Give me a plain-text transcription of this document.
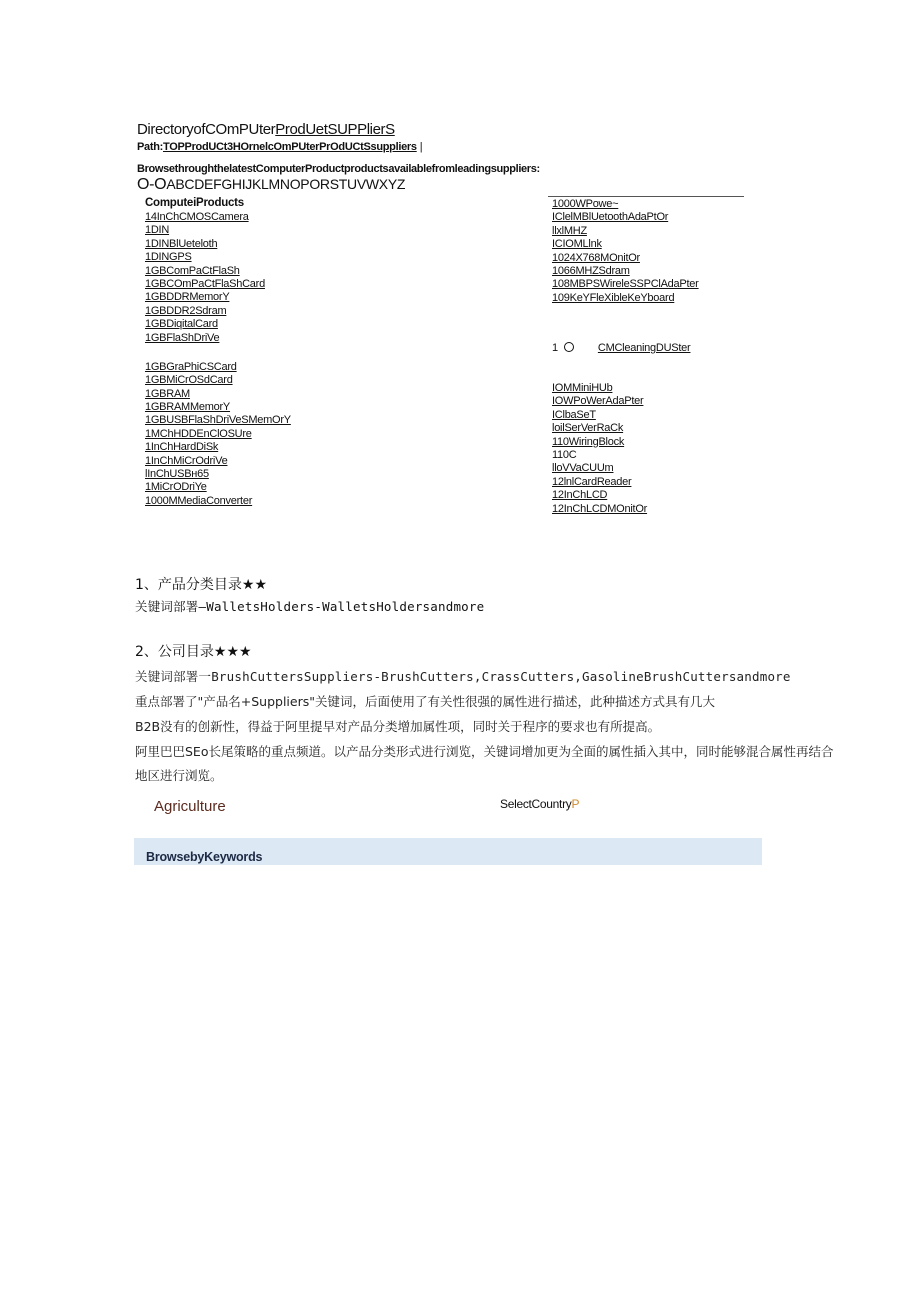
DirectoryofCOmPUterProdUetSUPPlierS
Path:TOPProdUCt3HOrnelcOmPUterPrOdUCtSsuppliers |
BrowsethroughthelatestComputerProductproductsavailablefromleadingsuppliers:
O-OABCDEFGHIJKLMNOPORSTUVWXYZ
ComputeiProducts
14InChCMOSCamera
1DIN
1DINBlUeteloth
1DINGPS
1GBComPaCtFlaSh
1GBCOmPaCtFlaShCard
1GBDDRMemorY
1GBDDR2Sdram
1GBDiqitalCard
1GBFlaShDriVe
1GBGraPhiCSCard
1GBMiCrOSdCard
1GBRAM
1GBRAMMemorY
1GBUSBFlaShDriVeSMemOrY
1MChHDDEnClOSUre
1InChHardDiSk
1InChMiCrOdriVe
lInChUSBн65
1MiCrODriYe
1000MMediaConverter
1000WPowe~
IClelMBlUetoothAdaPtOr
llxlMHZ
ICIOMLlnk
1024X768MOnitOr
1066MHZSdram
108MBPSWireleSSPClAdaPter
109KeYFleXibleKeYboard
1	CMCleaningDUSter
IOMMiniHUb
IOWPoWerAdaPter
IClbaSeT
loilSerVerRaCk
110WiringBlock
110C
lloVVaCUUm
12lnlCardReader
12InChLCD
12InChLCDMOnitOr
1、产品分类目录★★
关键词部署—WalletsHolders-WalletsHoldersandmore
2、公司目录★★★
关键词部署一BrushCuttersSuppliers-BrushCutters,CrassCutters,GasolineBrushCuttersandmore
重点部署了"产品名+Suppliers"关键词，后面使用了有关性很强的属性进行描述，此种描述方式具有几大
B2B没有的创新性，得益于阿里提早对产品分类增加属性项，同时关于程序的要求也有所提高。
阿里巴巴SEo长尾策略的重点频道。以产品分类形式进行浏览，关键词增加更为全面的属性插入其中，同时能够混合属性再结合
地区进行浏览。
Agriculture	SelectCountryP
BrowsebyKeywords
